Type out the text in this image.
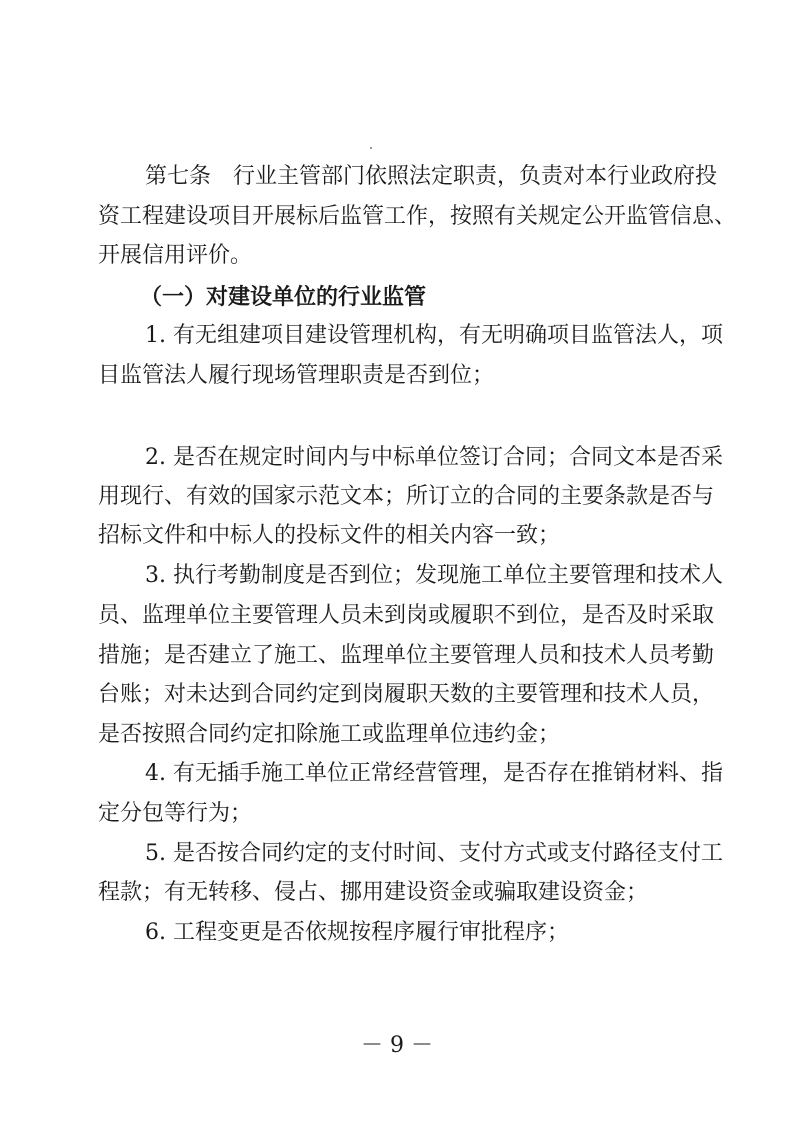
第七条 行业主管部门依照法定职责，负责对本行业政府投
资工程建设项目开展标后监管工作，按照有关规定公开监管信息、
开展信用评价。
（一）对建设单位的行业监管
1. 有无组建项目建设管理机构，有无明确项目监管法人，项
目监管法人履行现场管理职责是否到位；
2. 是否在规定时间内与中标单位签订合同；合同文本是否采
用现行、有效的国家示范文本；所订立的合同的主要条款是否与
招标文件和中标人的投标文件的相关内容一致；
3. 执行考勤制度是否到位；发现施工单位主要管理和技术人
员、监理单位主要管理人员未到岗或履职不到位，是否及时采取
措施；是否建立了施工、监理单位主要管理人员和技术人员考勤
台账；对未达到合同约定到岗履职天数的主要管理和技术人员，
是否按照合同约定扣除施工或监理单位违约金；
4. 有无插手施工单位正常经营管理，是否存在推销材料、指
定分包等行为；
5. 是否按合同约定的支付时间、支付方式或支付路径支付工
程款；有无转移、侵占、挪用建设资金或骗取建设资金；
6. 工程变更是否依规按程序履行审批程序；
－ 9 －
